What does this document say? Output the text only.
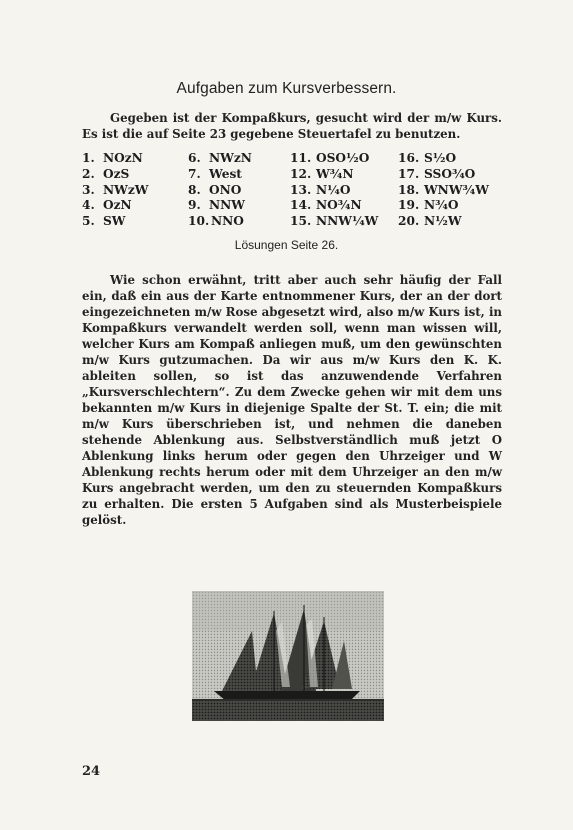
Aufgaben zum Kursverbessern.

Gegeben ist der Kompaßkurs, gesucht wird der m/w Kurs. Es ist die auf Seite 23 gegebene Steuertafel zu benutzen.

1. NOzN
2. OzS
3. NWzW
4. OzN
5. SW
6. NWzN
7. West
8. ONO
9. NNW
10. NNO
11. OSO½O
12. W¾N
13. N¼O
14. NO¾N
15. NNW¼W
16. S½O
17. SSO¾O
18. WNW¾W
19. N¾O
20. N½W
Lösungen Seite 26.

Wie schon erwähnt, tritt aber auch sehr häufig der Fall ein, daß ein aus der Karte entnommener Kurs, der an der dort eingezeichneten m/w Rose abgesetzt wird, also m/w Kurs ist, in Kompaßkurs verwandelt werden soll, wenn man wissen will, welcher Kurs am Kompaß anliegen muß, um den gewünschten m/w Kurs gutzumachen. Da wir aus m/w Kurs den K. K. ableiten sollen, so ist das anzuwendende Verfahren „Kursverschlechtern“. Zu dem Zwecke gehen wir mit dem uns bekannten m/w Kurs in diejenige Spalte der St. T. ein; die mit m/w Kurs überschrieben ist, und nehmen die daneben stehende Ablenkung aus. Selbstverständlich muß jetzt O Ablenkung links herum oder gegen den Uhrzeiger und W Ablenkung rechts herum oder mit dem Uhrzeiger an den m/w Kurs angebracht werden, um den zu steuernden Kompaßkurs zu erhalten. Die ersten 5 Aufgaben sind als Musterbeispiele gelöst.

24
